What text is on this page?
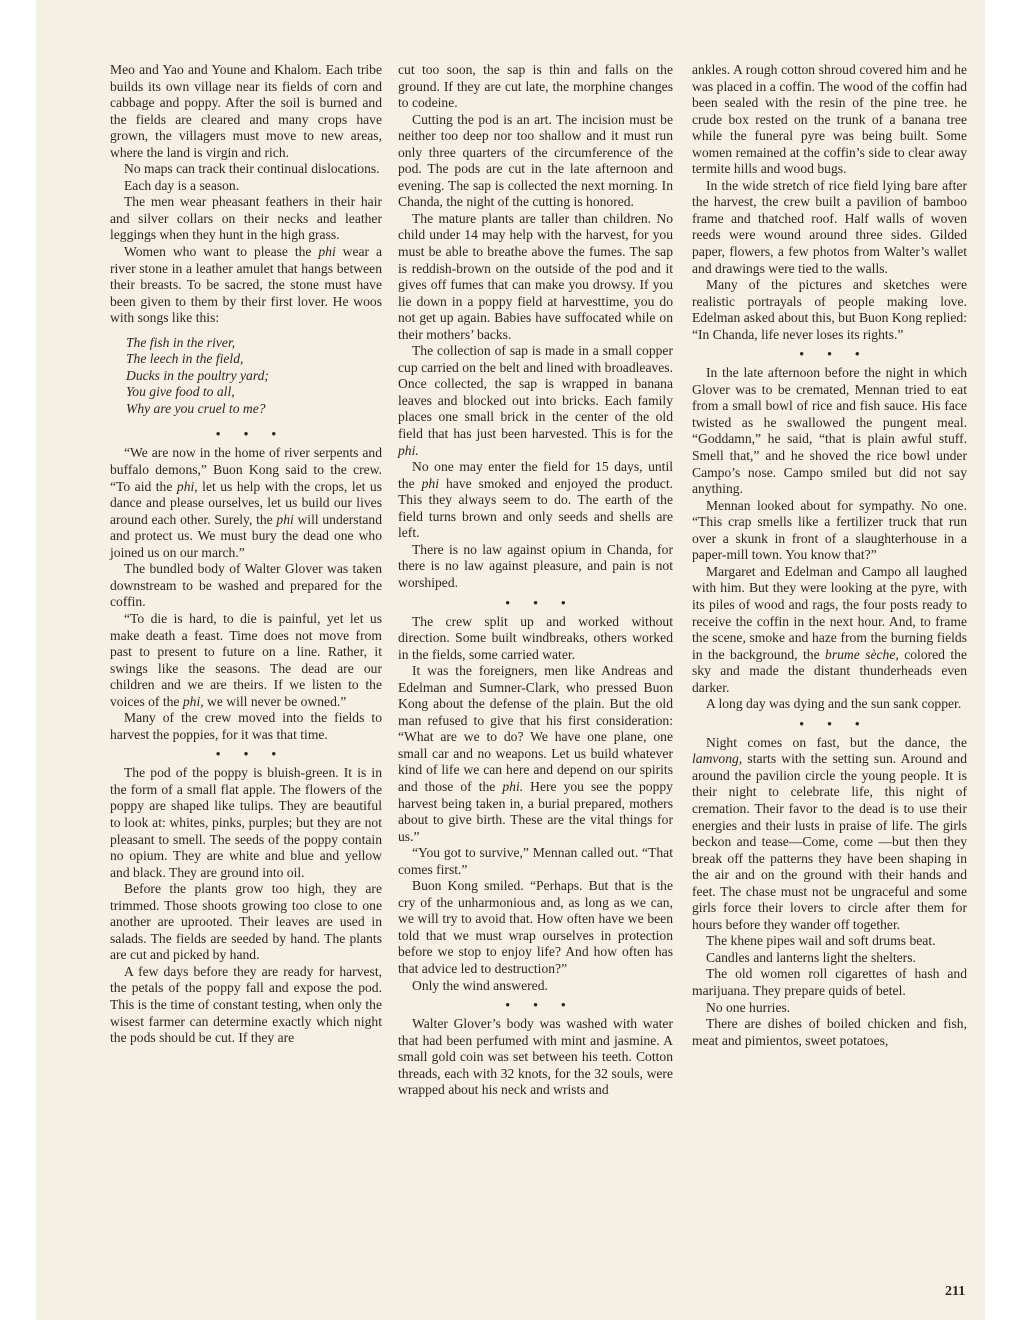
Meo and Yao and Youne and Khalom. Each tribe builds its own village near its fields of corn and cabbage and poppy. After the soil is burned and the fields are cleared and many crops have grown, the villagers must move to new areas, where the land is virgin and rich.

No maps can track their continual dislocations.

Each day is a season.

The men wear pheasant feathers in their hair and silver collars on their necks and leather leggings when they hunt in the high grass.

Women who want to please the phi wear a river stone in a leather amulet that hangs between their breasts. To be sacred, the stone must have been given to them by their first lover. He woos with songs like this:

The fish in the river,
The leech in the field,
Ducks in the poultry yard;
You give food to all,
Why are you cruel to me?
• • •

“We are now in the home of river serpents and buffalo demons,” Buon Kong said to the crew. “To aid the phi, let us help with the crops, let us dance and please ourselves, let us build our lives around each other. Surely, the phi will understand and protect us. We must bury the dead one who joined us on our march.”

The bundled body of Walter Glover was taken downstream to be washed and prepared for the coffin.

“To die is hard, to die is painful, yet let us make death a feast. Time does not move from past to present to future on a line. Rather, it swings like the seasons. The dead are our children and we are theirs. If we listen to the voices of the phi, we will never be owned.”

Many of the crew moved into the fields to harvest the poppies, for it was that time.

• • •

The pod of the poppy is bluish-green. It is in the form of a small flat apple. The flowers of the poppy are shaped like tulips. They are beautiful to look at: whites, pinks, purples; but they are not pleasant to smell. The seeds of the poppy contain no opium. They are white and blue and yellow and black. They are ground into oil.

Before the plants grow too high, they are trimmed. Those shoots growing too close to one another are uprooted. Their leaves are used in salads. The fields are seeded by hand. The plants are cut and picked by hand.

A few days before they are ready for harvest, the petals of the poppy fall and expose the pod. This is the time of constant testing, when only the wisest farmer can determine exactly which night the pods should be cut. If they are

cut too soon, the sap is thin and falls on the ground. If they are cut late, the morphine changes to codeine.

Cutting the pod is an art. The incision must be neither too deep nor too shallow and it must run only three quarters of the circumference of the pod. The pods are cut in the late afternoon and evening. The sap is collected the next morning. In Chanda, the night of the cutting is honored.

The mature plants are taller than children. No child under 14 may help with the harvest, for you must be able to breathe above the fumes. The sap is reddish-brown on the outside of the pod and it gives off fumes that can make you drowsy. If you lie down in a poppy field at harvesttime, you do not get up again. Babies have suffocated while on their mothers’ backs.

The collection of sap is made in a small copper cup carried on the belt and lined with broadleaves. Once collected, the sap is wrapped in banana leaves and blocked out into bricks. Each family places one small brick in the center of the old field that has just been harvested. This is for the phi.

No one may enter the field for 15 days, until the phi have smoked and enjoyed the product. This they always seem to do. The earth of the field turns brown and only seeds and shells are left.

There is no law against opium in Chanda, for there is no law against pleasure, and pain is not worshiped.

• • •

The crew split up and worked without direction. Some built windbreaks, others worked in the fields, some carried water.

It was the foreigners, men like Andreas and Edelman and Sumner-Clark, who pressed Buon Kong about the defense of the plain. But the old man refused to give that his first consideration: “What are we to do? We have one plane, one small car and no weapons. Let us build whatever kind of life we can here and depend on our spirits and those of the phi. Here you see the poppy harvest being taken in, a burial prepared, mothers about to give birth. These are the vital things for us.”

“You got to survive,” Mennan called out. “That comes first.”

Buon Kong smiled. “Perhaps. But that is the cry of the unharmonious and, as long as we can, we will try to avoid that. How often have we been told that we must wrap ourselves in protection before we stop to enjoy life? And how often has that advice led to destruction?”

Only the wind answered.

• • •

Walter Glover’s body was washed with water that had been perfumed with mint and jasmine. A small gold coin was set between his teeth. Cotton threads, each with 32 knots, for the 32 souls, were wrapped about his neck and wrists and

ankles. A rough cotton shroud covered him and he was placed in a coffin. The wood of the coffin had been sealed with the resin of the pine tree. he crude box rested on the trunk of a banana tree while the funeral pyre was being built. Some women remained at the coffin’s side to clear away termite hills and wood bugs.

In the wide stretch of rice field lying bare after the harvest, the crew built a pavilion of bamboo frame and thatched roof. Half walls of woven reeds were wound around three sides. Gilded paper, flowers, a few photos from Walter’s wallet and drawings were tied to the walls.

Many of the pictures and sketches were realistic portrayals of people making love. Edelman asked about this, but Buon Kong replied: “In Chanda, life never loses its rights.”

• • •

In the late afternoon before the night in which Glover was to be cremated, Mennan tried to eat from a small bowl of rice and fish sauce. His face twisted as he swallowed the pungent meal. “Goddamn,” he said, “that is plain awful stuff. Smell that,” and he shoved the rice bowl under Campo’s nose. Campo smiled but did not say anything.

Mennan looked about for sympathy. No one. “This crap smells like a fertilizer truck that run over a skunk in front of a slaughterhouse in a paper-mill town. You know that?”

Margaret and Edelman and Campo all laughed with him. But they were looking at the pyre, with its piles of wood and rags, the four posts ready to receive the coffin in the next hour. And, to frame the scene, smoke and haze from the burning fields in the background, the brume sèche, colored the sky and made the distant thunderheads even darker.

A long day was dying and the sun sank copper.

• • •

Night comes on fast, but the dance, the lamvong, starts with the setting sun. Around and around the pavilion circle the young people. It is their night to celebrate life, this night of cremation. Their favor to the dead is to use their energies and their lusts in praise of life. The girls beckon and tease—Come, come —but then they break off the patterns they have been shaping in the air and on the ground with their hands and feet. The chase must not be ungraceful and some girls force their lovers to circle after them for hours before they wander off together.

The khene pipes wail and soft drums beat.

Candles and lanterns light the shelters.

The old women roll cigarettes of hash and marijuana. They prepare quids of betel.

No one hurries.

There are dishes of boiled chicken and fish, meat and pimientos, sweet potatoes,

211
